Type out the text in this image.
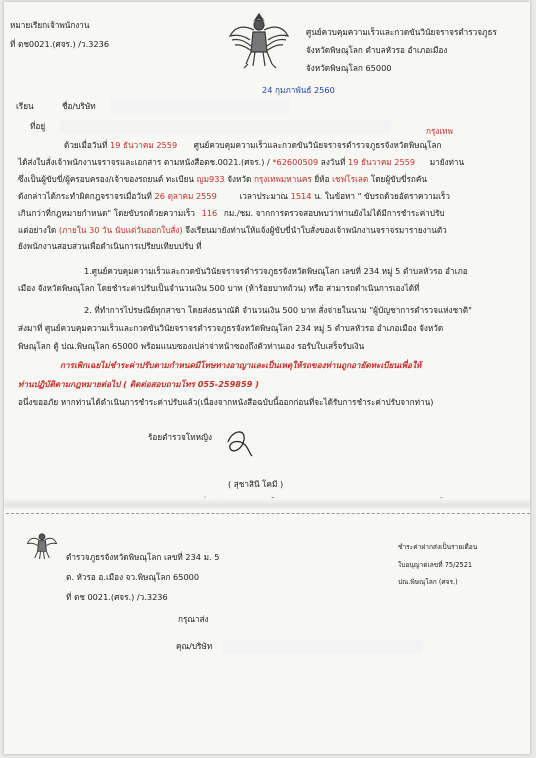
หมายเรียกเจ้าพนักงาน
ที่ ตช0021.(ศจร.) /ว.3236
ศูนย์ควบคุมความเร็วและกวดขันวินัยจราจรตำรวจภูธร
จังหวัดพิษณุโลก ตำบลหัวรอ อำเภอเมือง
จังหวัดพิษณุโลก 65000
24 กุมภาพันธ์ 2560
เรียน	ชื่อ/บริษัท
ที่อยู่	กรุงเทพ
ด้วยเมื่อวันที่ 19 ธันวาคม 2559 ศูนย์ควบคุมความเร็วและกวดขันวินัยจราจรตำรวจภูธรจังหวัดพิษณุโลก
ได้ส่งใบสั่งเจ้าพนักงานจราจรและเอกสาร ตามหนังสือตช.0021.(ศจร.) / *62600509 ลงวันที่ 19 ธันวาคม 2559 มายังท่าน
ซึ่งเป็นผู้ขับขี่/ผู้ครอบครอง/เจ้าของรถยนต์ ทะเบียน ญม933 จังหวัด กรุงเทพมหานคร ยี่ห้อ เชฟโรเลต โดยผู้ขับขี่รถคัน
ดังกล่าวได้กระทำผิดกฎจราจรเมื่อวันที่ 26 ตุลาคม 2559	เวลาประมาณ 1514 น. ในข้อหา " ขับรถด้วยอัตราความเร็ว
เกินกว่าที่กฎหมายกำหนด" โดยขับรถด้วยความเร็ว 116 กม./ชม. จากการตรวจสอบพบว่าท่านยังไม่ได้มีการชำระค่าปรับ
แต่อย่างใด (ภายใน 30 วัน นับแต่วันออกใบสั่ง) จึงเรียนมายังท่านให้แจ้งผู้ขับขี่นำใบสั่งของเจ้าพนักงานจราจรมารายงานตัว
ยังพนักงานสอบสวนเพื่อดำเนินการเปรียบเทียบปรับ ที่
1.ศูนย์ควบคุมความเร็วและกวดขันวินัยจราจรตำรวจภูธรจังหวัดพิษณุโลก เลขที่ 234 หมู่ 5 ตำบลหัวรอ อำเภอ
เมือง จังหวัดพิษณุโลก โดยชำระค่าปรับเป็นจำนวนเงิน 500 บาท (ห้าร้อยบาทถ้วน) หรือ สามารถดำเนินการเองได้ที่
2. ที่ทำการไปรษณีย์ทุกสาขา โดยส่งธนาณัติ จำนวนเงิน 500 บาท สั่งจ่ายในนาม "ผู้บัญชาการตำรวจแห่งชาติ"
ส่งมาที่ ศูนย์ควบคุมความเร็วและกวดขันวินัยจราจรตำรวจภูธรจังหวัดพิษณุโลก 234 หมู่ 5 ตำบลหัวรอ อำเภอเมือง จังหวัด
พิษณุโลก ตู้ ปณ.พิษณุโลก 65000 พร้อมแนบซองเปล่าจ่าหน้าซองถึงตัวท่านเอง รอรับใบเสร็จรับเงิน
การเพิกเฉยไม่ชำระค่าปรับตามกำหนดมีโทษทางอาญาและเป็นเหตุให้รถของท่านถูกอายัดทะเบียนเพื่อให้
ท่านปฏิบัติตามกฎหมายต่อไป ( ติดต่อสอบถามโทร 055-259859 )
อนึ่งขออภัย หากท่านได้ดำเนินการชำระค่าปรับแล้ว(เนื่องจากหนังสือฉบับนี้ออกก่อนที่จะได้รับการชำระค่าปรับจากท่าน)
ร้อยตำรวจโทหญิง
( สุชาสินี โคมี )
ตำรวจภูธรจังหวัดพิษณุโลก เลขที่ 234 ม. 5
ต. หัวรอ อ.เมือง จว.พิษณุโลก 65000
ที่ ตช 0021.(ศจร.) /ว.3236
ชำระค่าฝากส่งเป็นรายเดือน
ใบอนุญาตเลขที่ 75/2521
ปณ.พิษณุโลก (ศจร.)
กรุณาส่ง
คุณ/บริษัท
